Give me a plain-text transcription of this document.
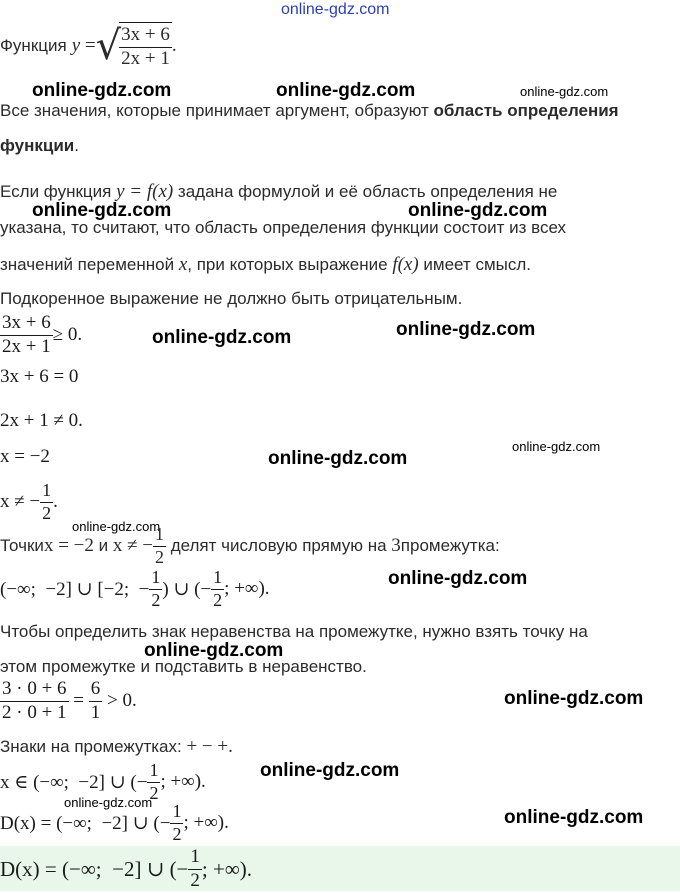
online-gdz.com
Функция y = √
$\frac{3x + 6}{2x + 1}$ .
online-gdz.com	online-gdz.com	online-gdz.com
Все значения, которые принимает аргумент, образуют область определения
функции.
Если функция y = f(x) задана формулой и её область определения не
online-gdz.com	online-gdz.com
указана, то считают, что область определения функции состоит из всех
значений переменной x, при которых выражение f(x) имеет смысл.
Подкоренное выражение не должно быть отрицательным.
$\frac{3x + 6}{2x + 1} \ge 0$.	online-gdz.com	online-gdz.com
3x + 6 = 0
2x + 1 ≠ 0.
online-gdz.com
x = −2	online-gdz.com
x ≠ − $\frac{1}{2}$ .
online-gdz.com
Точки x = −2 и x ≠ − $\frac{1}{2}$ делят числовую прямую на 3 промежутка:
(−∞;  −2] ∪ [−2;  − $\frac{1}{2}$ ) ∪ (− $\frac{1}{2}$ ; +∞).	online-gdz.com
Чтобы определить знак неравенства на промежутке, нужно взять точку на
online-gdz.com
этом промежутке и подставить в неравенство.
$\frac{3 \cdot 0 + 6}{2 \cdot 0 + 1} = \frac{6}{1} > 0$.	online-gdz.com
Знаки на промежутках: + − +.
x ∈ (−∞;  −2] ∪ (− $\frac{1}{2}$ ; +∞).
online-gdz.com
online-gdz.com
D(x) = (−∞;  −2] ∪ (− $\frac{1}{2}$ ; +∞).	online-gdz.com
D(x) = (−∞;  −2] ∪ (− $\frac{1}{2}$ ; +∞).
